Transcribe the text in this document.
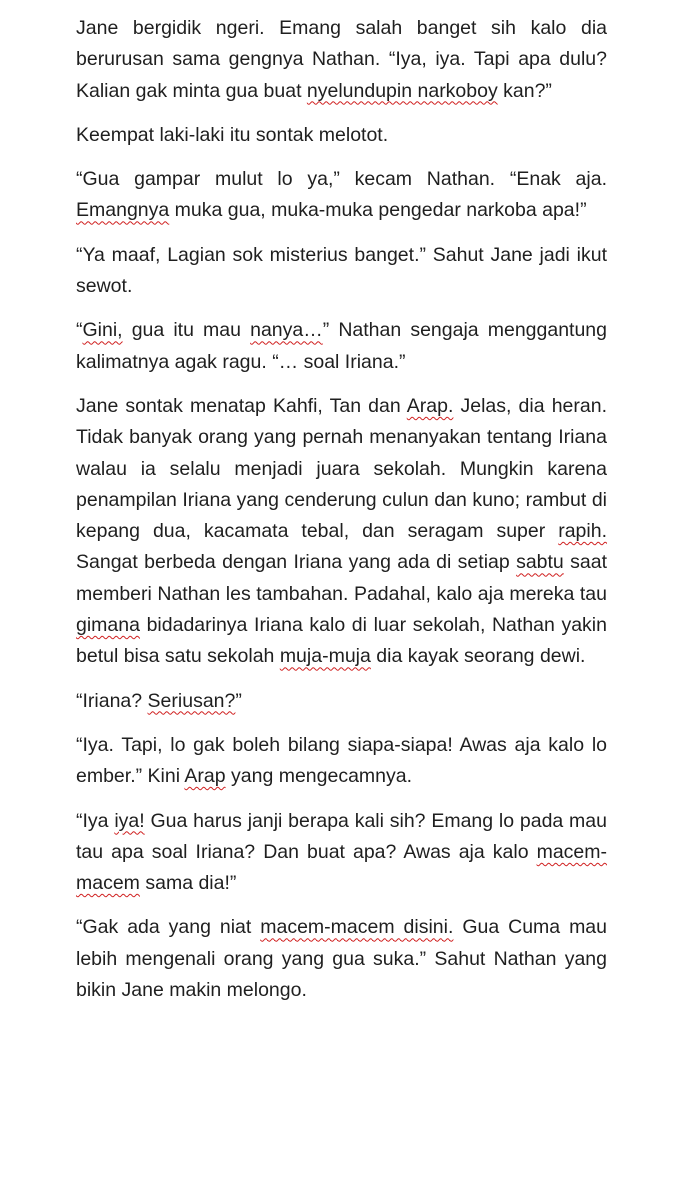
Jane bergidik ngeri. Emang salah banget sih kalo dia berurusan sama gengnya Nathan. “Iya, iya. Tapi apa dulu? Kalian gak minta gua buat nyelundupin narkoboy kan?”

Keempat laki-laki itu sontak melotot.

“Gua gampar mulut lo ya,” kecam Nathan. “Enak aja. Emangnya muka gua, muka-muka pengedar narkoba apa!”

“Ya maaf, Lagian sok misterius banget.” Sahut Jane jadi ikut sewot.

“Gini, gua itu mau nanya…” Nathan sengaja menggantung kalimatnya agak ragu. “… soal Iriana.”

Jane sontak menatap Kahfi, Tan dan Arap. Jelas, dia heran. Tidak banyak orang yang pernah menanyakan tentang Iriana walau ia selalu menjadi juara sekolah. Mungkin karena penampilan Iriana yang cenderung culun dan kuno; rambut di kepang dua, kacamata tebal, dan seragam super rapih. Sangat berbeda dengan Iriana yang ada di setiap sabtu saat memberi Nathan les tambahan. Padahal, kalo aja mereka tau gimana bidadarinya Iriana kalo di luar sekolah, Nathan yakin betul bisa satu sekolah muja-muja dia kayak seorang dewi.

“Iriana? Seriusan?”

“Iya. Tapi, lo gak boleh bilang siapa-siapa! Awas aja kalo lo ember.” Kini Arap yang mengecamnya.

“Iya iya! Gua harus janji berapa kali sih? Emang lo pada mau tau apa soal Iriana? Dan buat apa? Awas aja kalo macem-macem sama dia!”

“Gak ada yang niat macem-macem disini. Gua Cuma mau lebih mengenali orang yang gua suka.” Sahut Nathan yang bikin Jane makin melongo.
